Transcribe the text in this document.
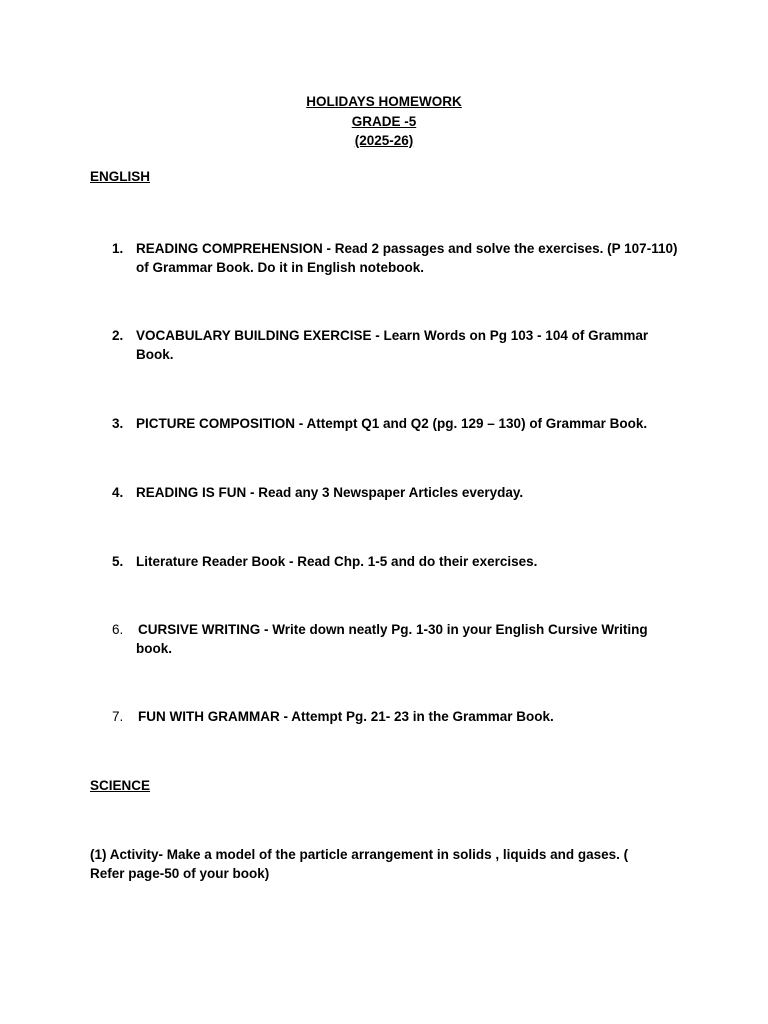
HOLIDAYS HOMEWORK
GRADE -5
(2025-26)
ENGLISH
1. READING COMPREHENSION - Read 2 passages and solve the exercises. (P 107-110) of Grammar Book. Do it in English notebook.
2. VOCABULARY BUILDING EXERCISE - Learn Words on Pg 103 - 104 of Grammar Book.
3. PICTURE COMPOSITION - Attempt Q1 and Q2 (pg. 129 – 130) of Grammar Book.
4. READING IS FUN - Read any 3 Newspaper Articles everyday.
5. Literature Reader Book - Read Chp. 1-5 and do their exercises.
6.	CURSIVE WRITING - Write down neatly Pg. 1-30 in your English Cursive Writing book.
7.	FUN WITH GRAMMAR - Attempt Pg. 21- 23 in the Grammar Book.
SCIENCE
(1) Activity- Make a model of the particle arrangement in solids , liquids and gases. ( Refer page-50 of your book)
